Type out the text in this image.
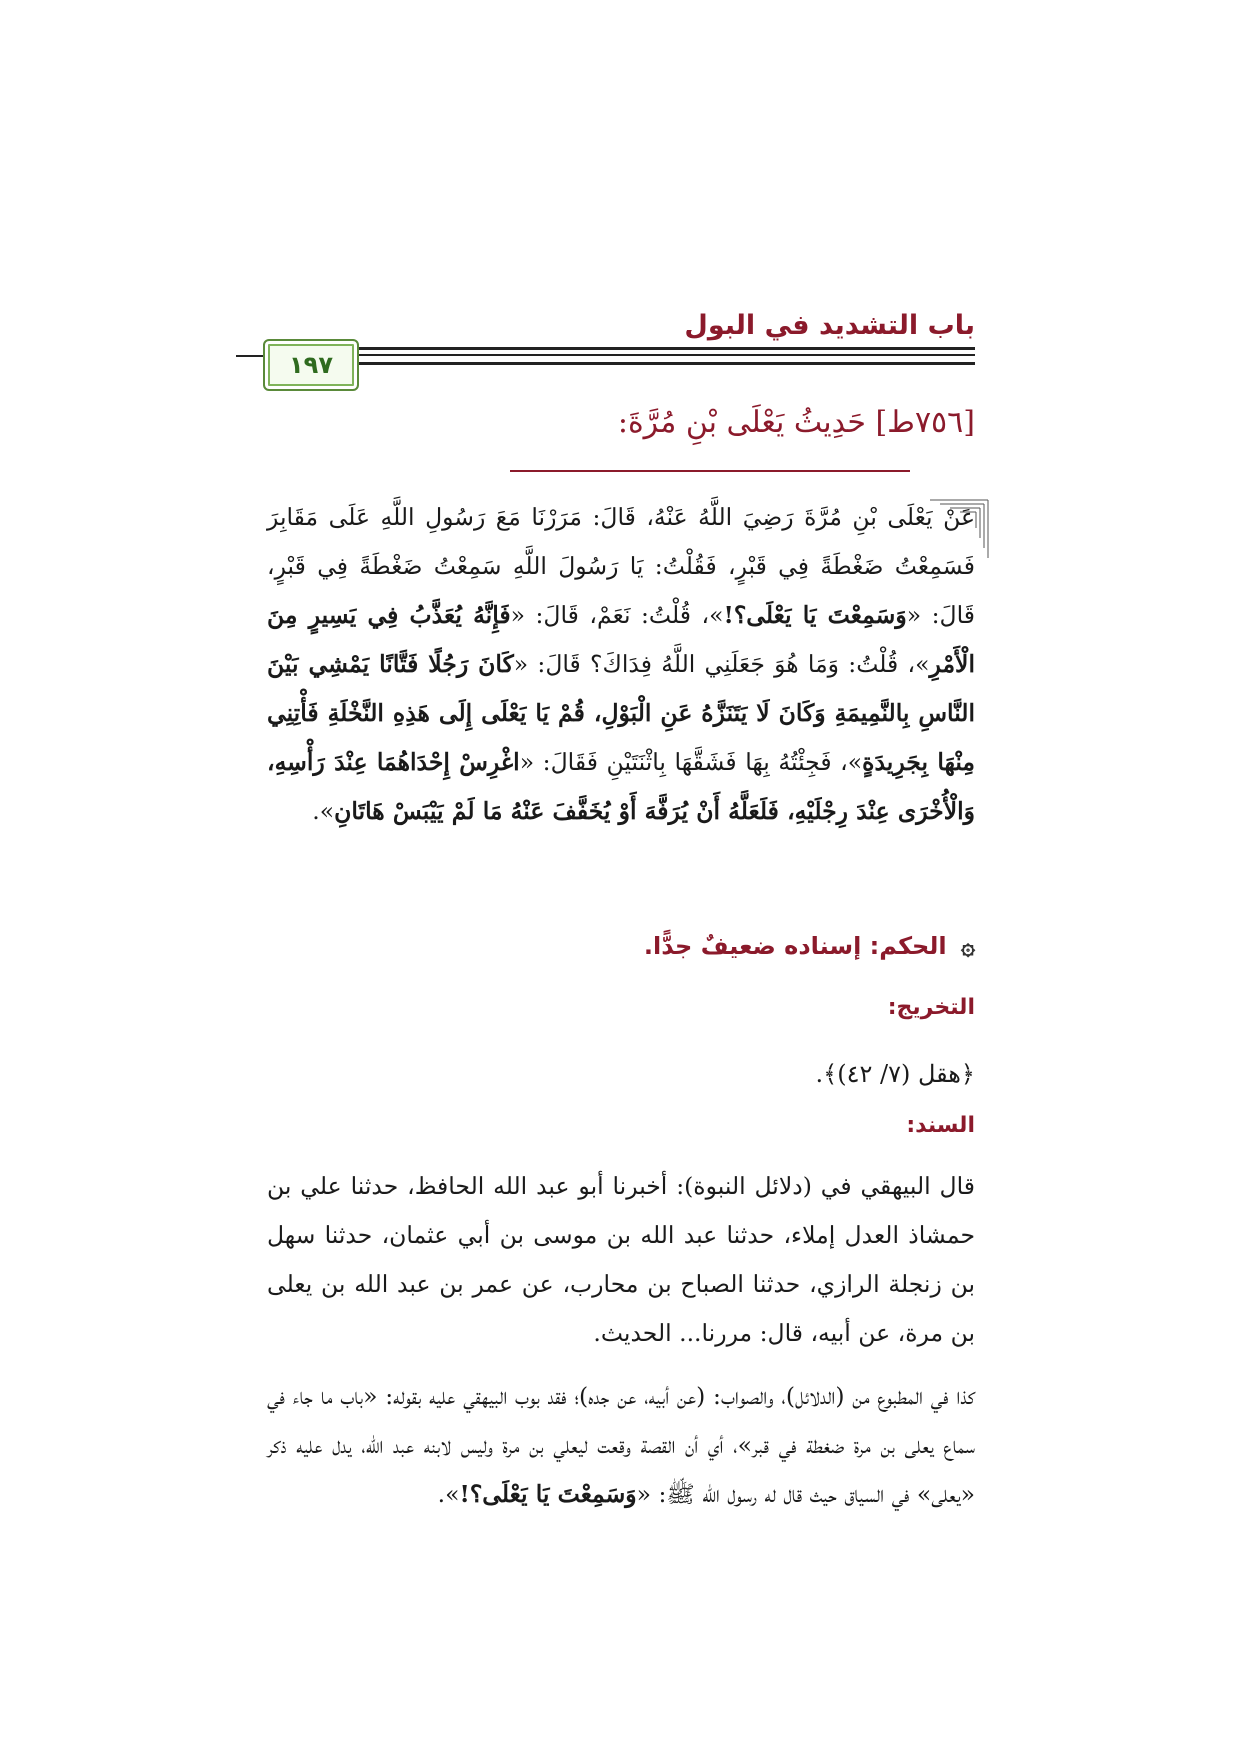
باب التشديد في البول
١٩٧
[٧٥٦ط] حَدِيثُ يَعْلَى بْنِ مُرَّةَ:
عَنْ يَعْلَى بْنِ مُرَّةَ رَضِيَ اللَّهُ عَنْهُ، قَالَ: مَرَرْنَا مَعَ رَسُولِ اللَّهِ عَلَى مَقَابِرَ فَسَمِعْتُ ضَغْطَةً فِي قَبْرٍ، فَقُلْتُ: يَا رَسُولَ اللَّهِ سَمِعْتُ ضَغْطَةً فِي قَبْرٍ، قَالَ: «وَسَمِعْتَ يَا يَعْلَى؟!»، قُلْتُ: نَعَمْ، قَالَ: «فَإِنَّهُ يُعَذَّبُ فِي يَسِيرٍ مِنَ الْأَمْرِ»، قُلْتُ: وَمَا هُوَ جَعَلَنِي اللَّهُ فِدَاكَ؟ قَالَ: «كَانَ رَجُلًا فَتَّانًا يَمْشِي بَيْنَ النَّاسِ بِالنَّمِيمَةِ وَكَانَ لَا يَتَنَزَّهُ عَنِ الْبَوْلِ، قُمْ يَا يَعْلَى إِلَى هَذِهِ النَّخْلَةِ فَأْتِنِي مِنْهَا بِجَرِيدَةٍ»، فَجِئْتُهُ بِهَا فَشَقَّهَا بِاثْنَتَيْنِ فَقَالَ: «اغْرِسْ إِحْدَاهُمَا عِنْدَ رَأْسِهِ، وَالْأُخْرَى عِنْدَ رِجْلَيْهِ، فَلَعَلَّهُ أَنْ يُرَفَّهَ أَوْ يُخَفَّفَ عَنْهُ مَا لَمْ يَيْبَسْ هَاتَانِ».
۞ الحكم: إسناده ضعيفٌ جدًّا.
التخريج:
﴿هقل (٧/ ٤٢)﴾.
السند:
قال البيهقي في (دلائل النبوة): أخبرنا أبو عبد الله الحافظ، حدثنا علي بن حمشاذ العدل إملاء، حدثنا عبد الله بن موسى بن أبي عثمان، حدثنا سهل بن زنجلة الرازي، حدثنا الصباح بن محارب، عن عمر بن عبد الله بن يعلى بن مرة، عن أبيه، قال: مررنا... الحديث.
كذا في المطبوع من (الدلائل)، والصواب: (عن أبيه، عن جده)؛ فقد بوب البيهقي عليه بقوله: «باب ما جاء في سماع يعلى بن مرة ضغطة في قبر»، أي أن القصة وقعت ليعلي بن مرة وليس لابنه عبد الله، يدل عليه ذكر «يعلى» في السياق حيث قال له رسول الله ﷺ: «وَسَمِعْتَ يَا يَعْلَى؟!».
